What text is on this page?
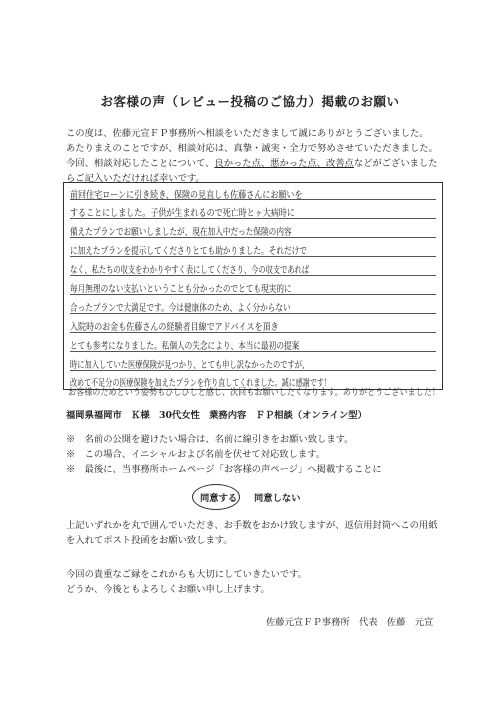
お客様の声（レビュー投稿のご協力）掲載のお願い

この度は、佐藤元宣ＦＰ事務所へ相談をいただきまして誠にありがとうございました。

あたりまえのことですが、相談対応は、真摯・誠実・全力で努めさせていただきました。

今回、相談対応したことについて、良かった点、悪かった点、改善点などがございました

らご記入いただければ幸いです。

前回住宅ローンに引き続き、保険の見直しも佐藤さんにお願いを
することにしました。子供が生まれるので死亡時とヶ大病時に
備えたプランでお願いしましたが、現在加入中だった保険の内容
に加えたプランを提示してくださりとても助かりました。それだけで
なく、私たちの収支をわかりやすく表にしてくださり、今の収支であれば
毎月無理のない支払いということも分かったのでとても現実的に
合ったプランで大満足です。今は健康体のため、よく分からない
入院時のお金も佐藤さんの経験者目線でアドバイスを頂き
とても参考になりました。私個人の失念により、本当に最初の提案
時に加入していた医療保険が見つかり、とても申し訳なかったのですが、
改めて不足分の医療保険を加えたプランを作り直してくれました。誠に感謝です！
お客様のためという姿勢もひしひしと感じ、次回もお願いしたくなります。ありがとうございました！
福岡県福岡市　Ｋ様　30代女性　業務内容　ＦＰ相談（オンライン型）

※　名前の公開を避けたい場合は、名前に線引きをお願い致します。

※　この場合、イニシャルおよび名前を伏せて対応致します。

※　最後に、当事務所ホームページ「お客様の声ページ」へ掲載することに

同意する 同意しない

上記いずれかを丸で囲んでいただき、お手数をおかけ致しますが、返信用封筒へこの用紙

を入れてポスト投函をお願い致します。

今回の貴重なご縁をこれからも大切にしていきたいです。

どうか、今後ともよろしくお願い申し上げます。

佐藤元宣ＦＰ事務所　代表　佐藤　元宣
